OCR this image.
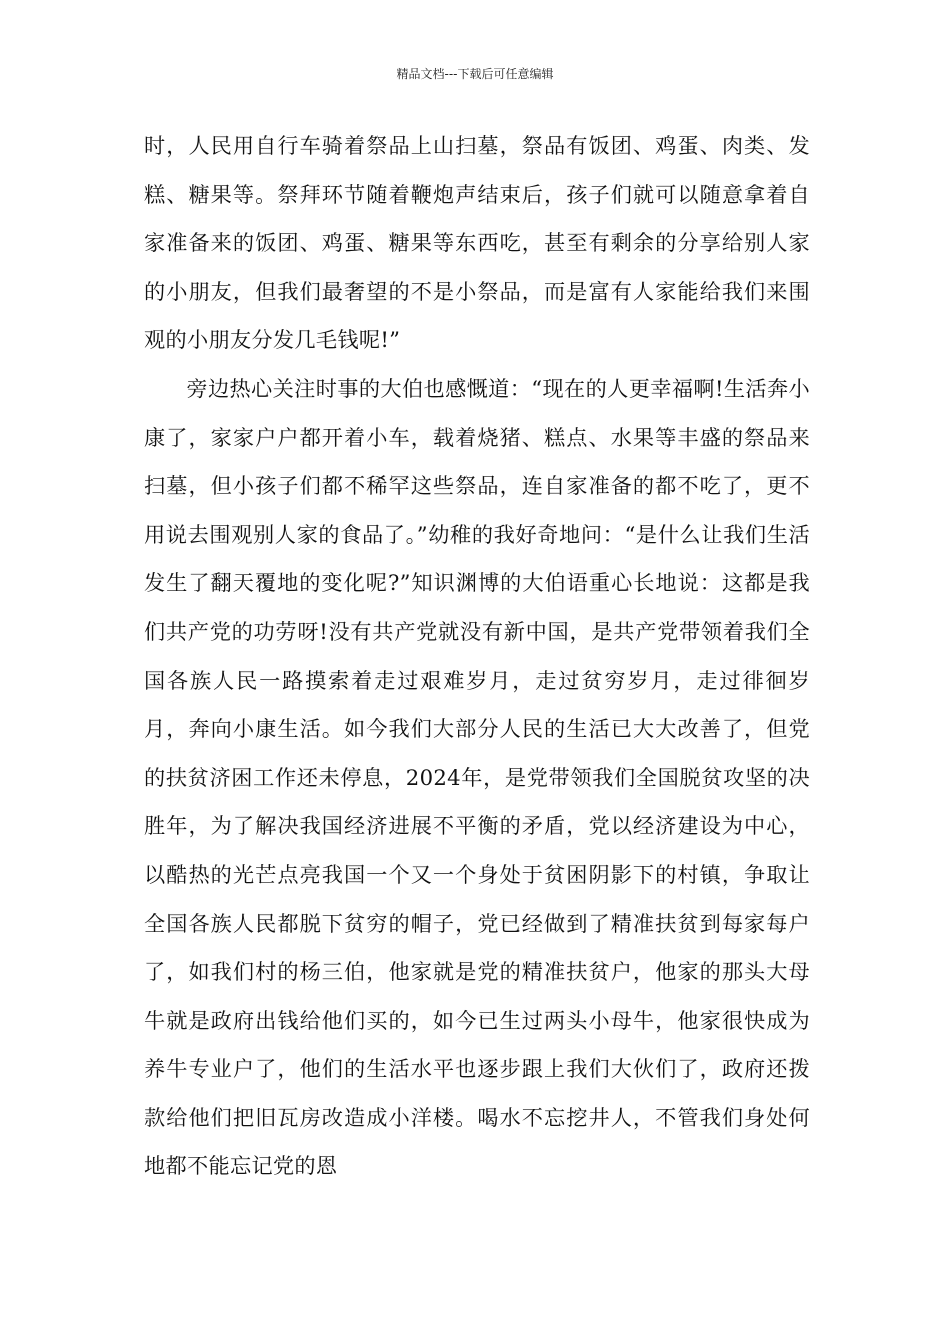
精品文档---下载后可任意编辑

时，人民用自行车骑着祭品上山扫墓，祭品有饭团、鸡蛋、肉类、发糕、糖果等。祭拜环节随着鞭炮声结束后，孩子们就可以随意拿着自家准备来的饭团、鸡蛋、糖果等东西吃，甚至有剩余的分享给别人家的小朋友，但我们最奢望的不是小祭品，而是富有人家能给我们来围观的小朋友分发几毛钱呢!”

旁边热心关注时事的大伯也感慨道：“现在的人更幸福啊!生活奔小康了，家家户户都开着小车，载着烧猪、糕点、水果等丰盛的祭品来扫墓，但小孩子们都不稀罕这些祭品，连自家准备的都不吃了，更不用说去围观别人家的食品了。”幼稚的我好奇地问：“是什么让我们生活发生了翻天覆地的变化呢?”知识渊博的大伯语重心长地说：这都是我们共产党的功劳呀!没有共产党就没有新中国，是共产党带领着我们全国各族人民一路摸索着走过艰难岁月，走过贫穷岁月，走过徘徊岁月，奔向小康生活。如今我们大部分人民的生活已大大改善了，但党的扶贫济困工作还未停息，2024年，是党带领我们全国脱贫攻坚的决胜年，为了解决我国经济进展不平衡的矛盾，党以经济建设为中心，以酷热的光芒点亮我国一个又一个身处于贫困阴影下的村镇，争取让全国各族人民都脱下贫穷的帽子，党已经做到了精准扶贫到每家每户了，如我们村的杨三伯，他家就是党的精准扶贫户，他家的那头大母牛就是政府出钱给他们买的，如今已生过两头小母牛，他家很快成为养牛专业户了，他们的生活水平也逐步跟上我们大伙们了，政府还拨款给他们把旧瓦房改造成小洋楼。喝水不忘挖井人，不管我们身处何地都不能忘记党的恩
